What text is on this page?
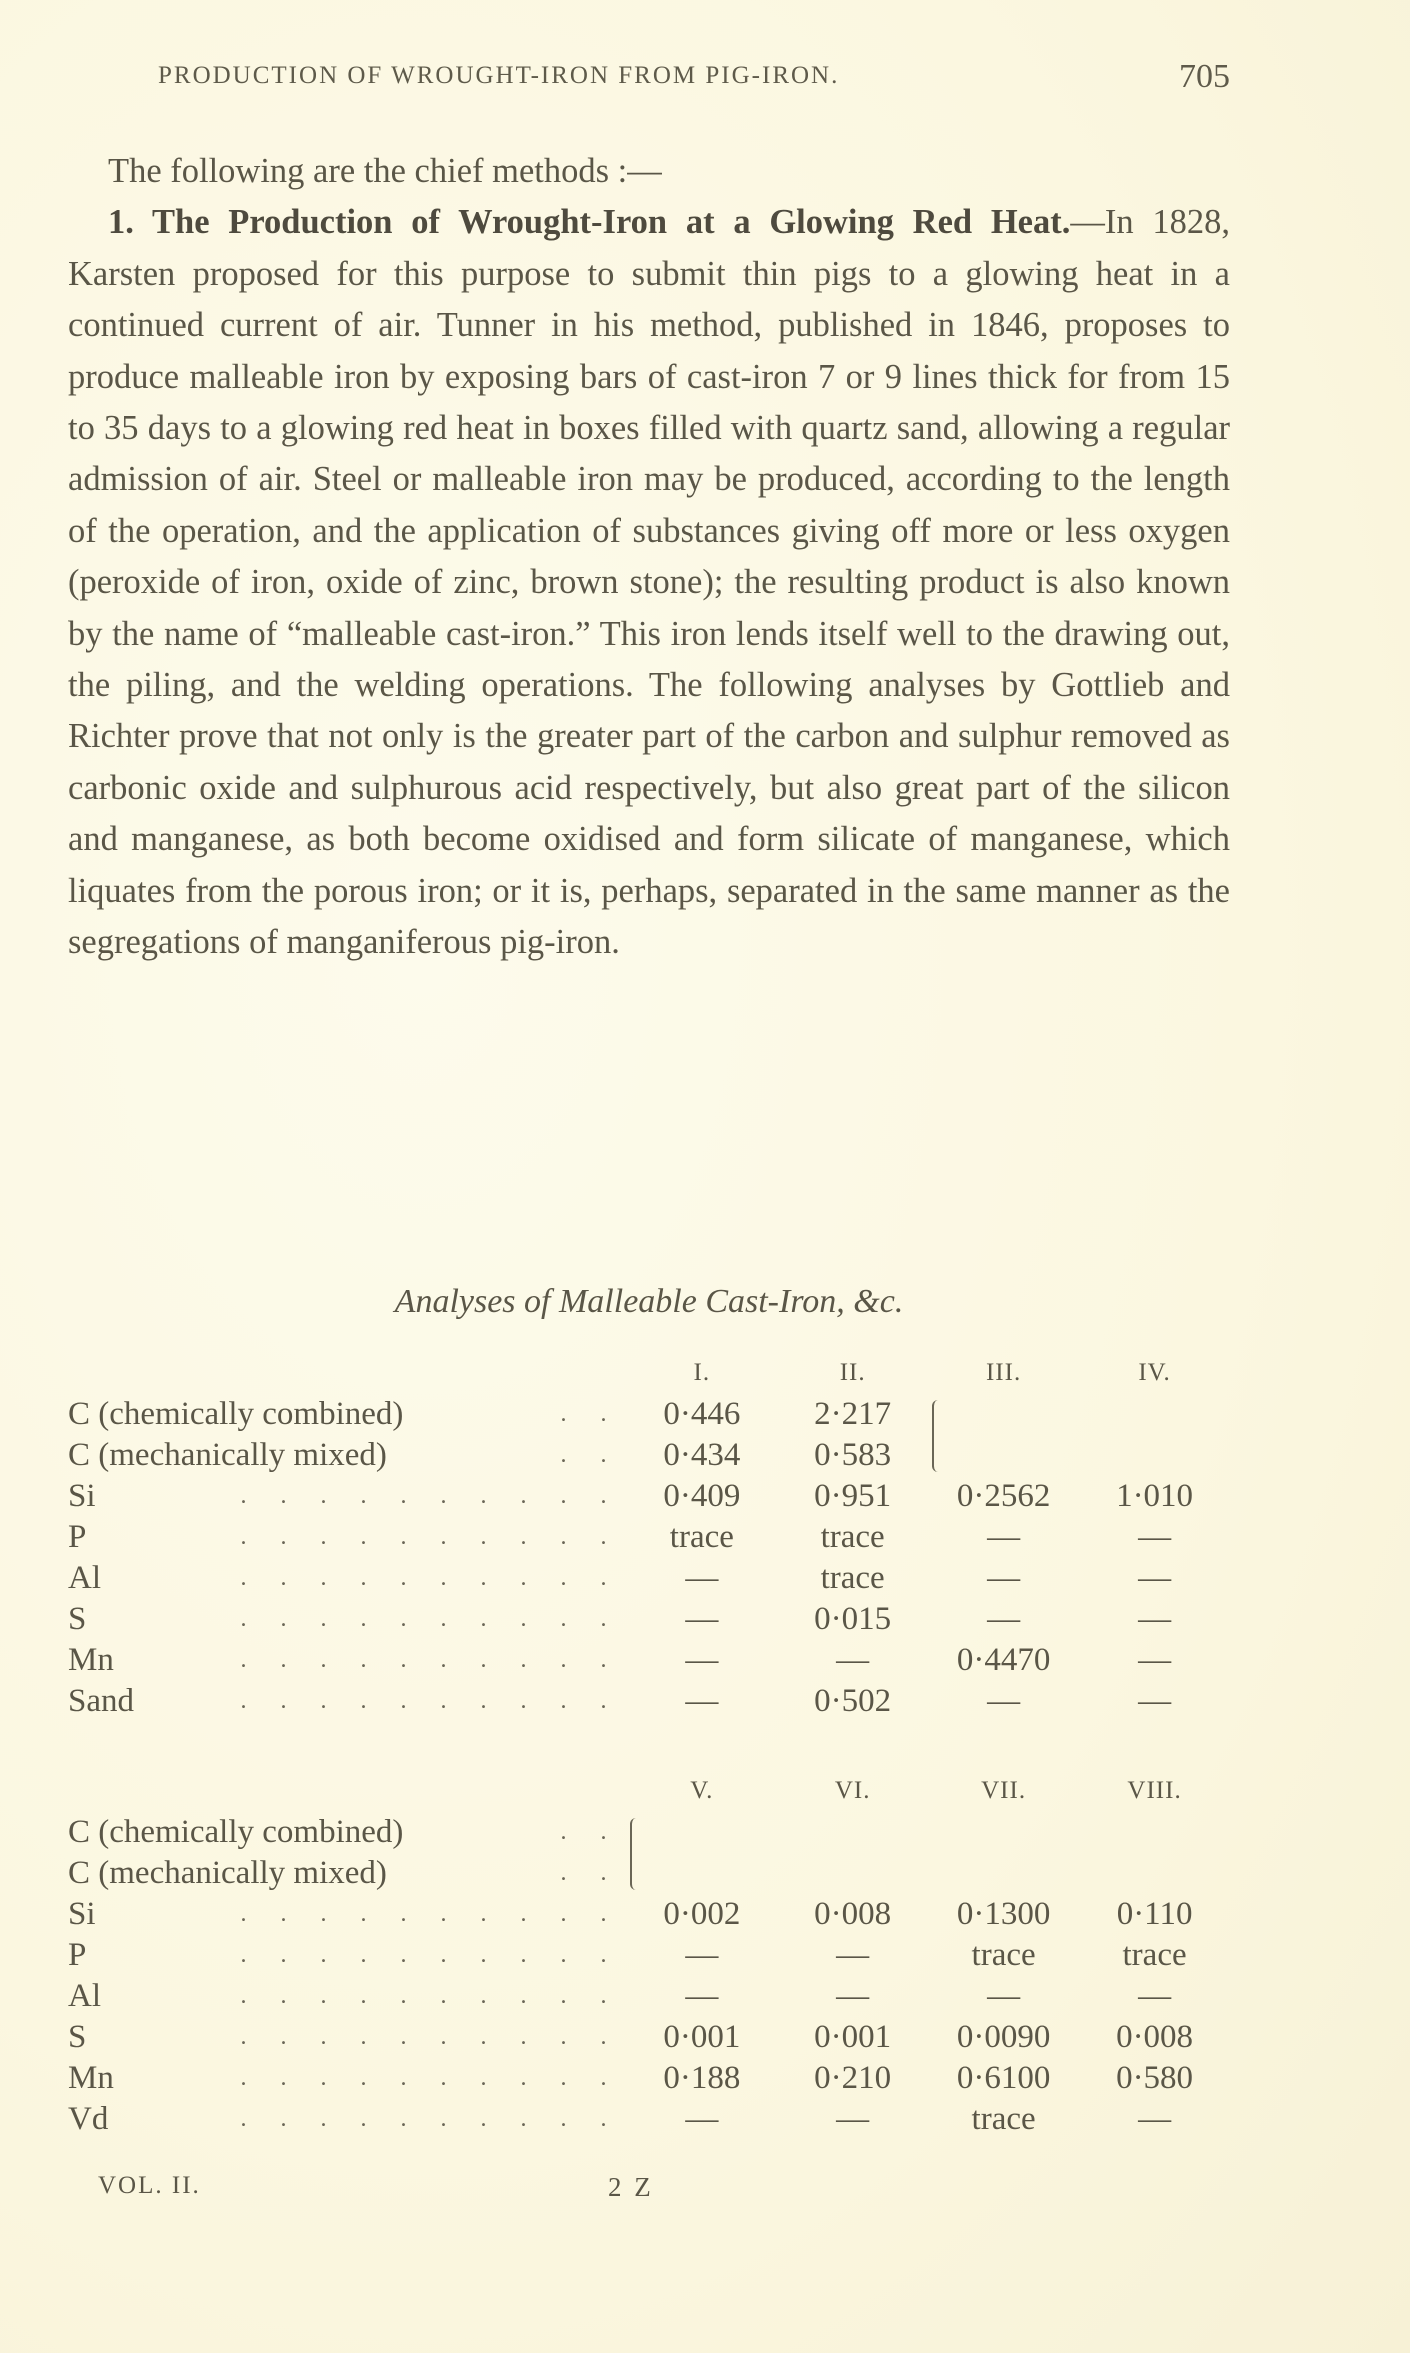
PRODUCTION OF WROUGHT-IRON FROM PIG-IRON.	705

The following are the chief methods :—

1. The Production of Wrought-Iron at a Glowing Red Heat.—In 1828, Karsten proposed for this purpose to submit thin pigs to a glowing heat in a continued current of air. Tunner in his method, published in 1846, proposes to produce malleable iron by exposing bars of cast-iron 7 or 9 lines thick for from 15 to 35 days to a glowing red heat in boxes filled with quartz sand, allowing a regular admission of air. Steel or malleable iron may be produced, according to the length of the operation, and the application of substances giving off more or less oxygen (peroxide of iron, oxide of zinc, brown stone); the resulting product is also known by the name of “malleable cast-iron.” This iron lends itself well to the drawing out, the piling, and the welding operations. The following analyses by Gottlieb and Richter prove that not only is the greater part of the carbon and sulphur removed as carbonic oxide and sulphurous acid respectively, but also great part of the silicon and manganese, as both become oxidised and form silicate of manganese, which liquates from the porous iron; or it is, perhaps, separated in the same manner as the segregations of manganiferous pig-iron.

Analyses of Malleable Cast-Iron, &c.
	I.	II.	III.	IV.
C (chemically combined) . .	0·446	2·217	

C (mechanically mixed) . .	0·434	0·583		
Si . . . . . . . . . .	0·409	0·951	0·2562	1·010
P . . . . . . . . . .	trace	trace	—	—
Al . . . . . . . . . .	—	trace	—	—
S . . . . . . . . . .	—	0·015	—	—
Mn . . . . . . . . . .	—	—	0·4470	—
Sand . . . . . . . . . .	—	0·502	—	—
	V.	VI.	VII.	VIII.
C (chemically combined) . .				

C (mechanically mixed) . .				

Si . . . . . . . . . .	0·002	0·008	0·1300	0·110
P . . . . . . . . . .	—	—	trace	trace
Al . . . . . . . . . .	—	—	—	—
S . . . . . . . . . .	0·001	0·001	0·0090	0·008
Mn . . . . . . . . . .	0·188	0·210	0·6100	0·580
Vd . . . . . . . . . .	—	—	trace	—
VOL. II.	2 Z
